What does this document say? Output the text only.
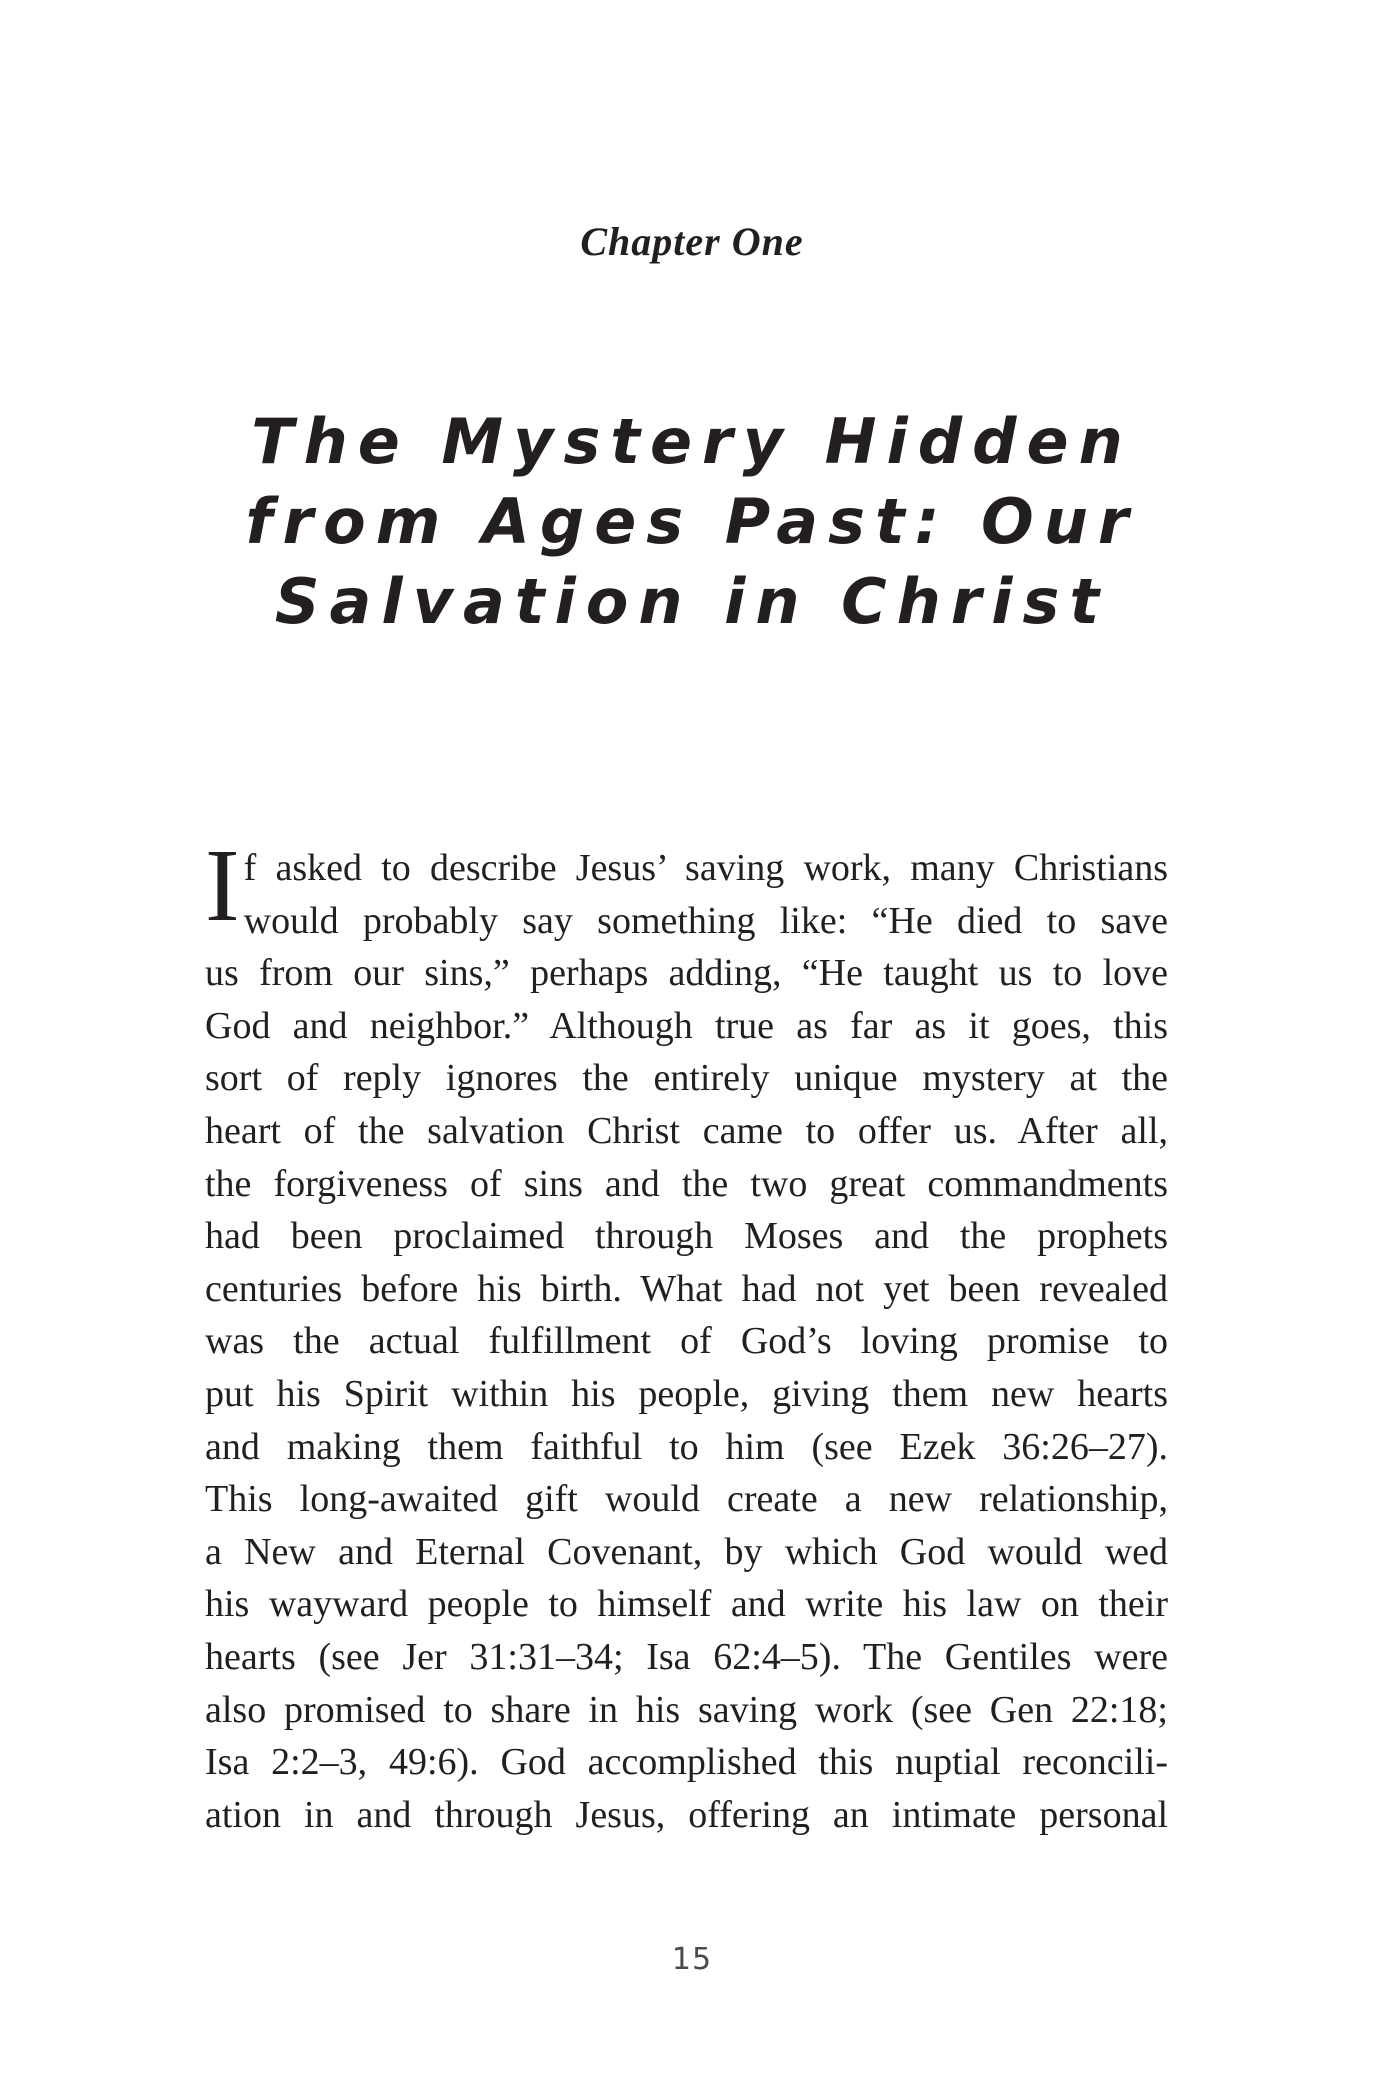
Chapter One
The Mystery Hidden
from Ages Past: Our
Salvation in Christ
I f asked to describe Jesus’ saving work, many Christians
would probably say something like: “He died to save
us from our sins,” perhaps adding, “He taught us to love
God and neighbor.” Although true as far as it goes, this
sort of reply ignores the entirely unique mystery at the
heart of the salvation Christ came to offer us. After all,
the forgiveness of sins and the two great commandments
had been proclaimed through Moses and the prophets
centuries before his birth. What had not yet been revealed
was the actual fulfillment of God’s loving promise to
put his Spirit within his people, giving them new hearts
and making them faithful to him (see Ezek 36:26–27).
This long-awaited gift would create a new relationship,
a New and Eternal Covenant, by which God would wed
his wayward people to himself and write his law on their
hearts (see Jer 31:31–34; Isa 62:4–5). The Gentiles were
also promised to share in his saving work (see Gen 22:18;
Isa 2:2–3, 49:6). God accomplished this nuptial reconcili-
ation in and through Jesus, offering an intimate personal
15
